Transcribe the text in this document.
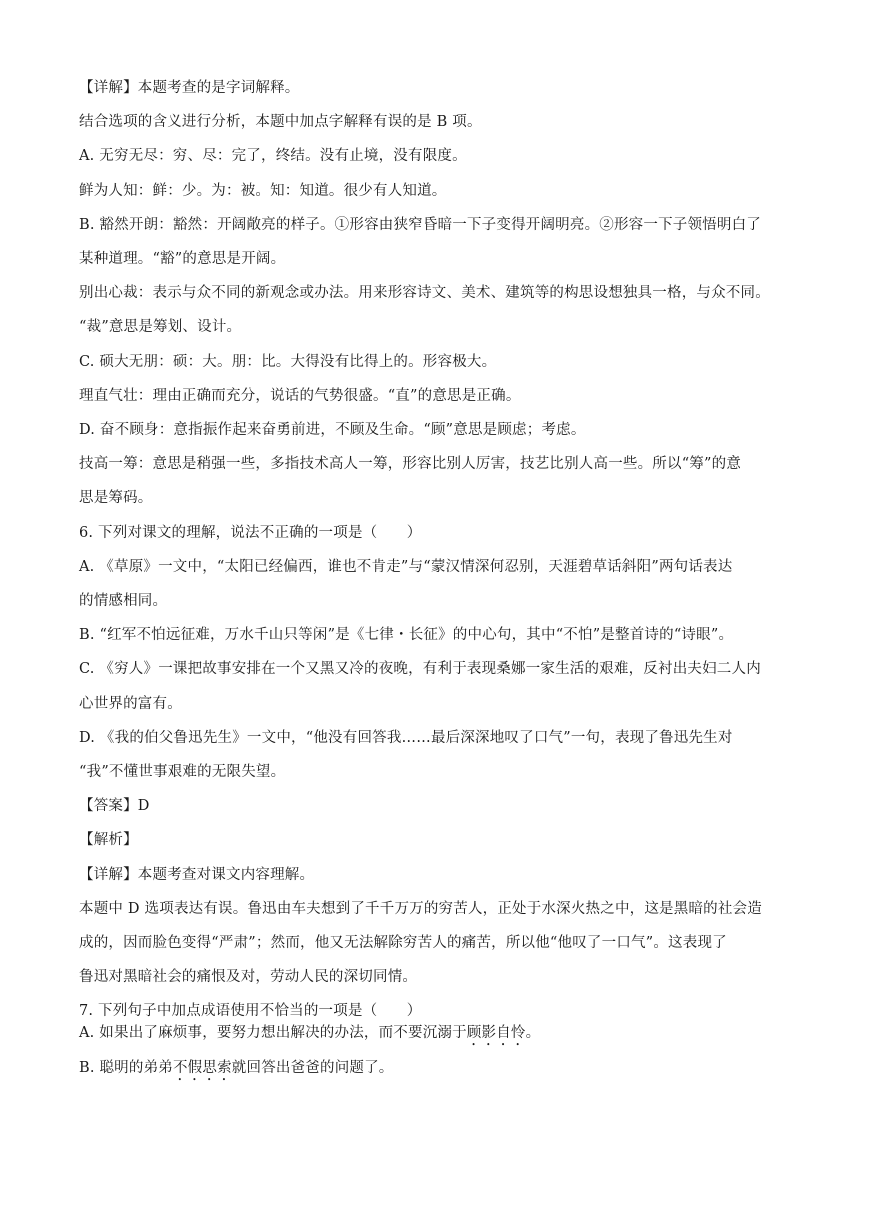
【详解】本题考查的是字词解释。
结合选项的含义进行分析，本题中加点字解释有误的是 B 项。
A. 无穷无尽：穷、尽：完了，终结。没有止境，没有限度。
鲜为人知：鲜：少。为：被。知：知道。很少有人知道。
B. 豁然开朗：豁然：开阔敞亮的样子。①形容由狭窄昏暗一下子变得开阔明亮。②形容一下子领悟明白了
某种道理。“豁”的意思是开阔。
别出心裁：表示与众不同的新观念或办法。用来形容诗文、美术、建筑等的构思设想独具一格，与众不同。
“裁”意思是筹划、设计。
C. 硕大无朋：硕：大。朋：比。大得没有比得上的。形容极大。
理直气壮：理由正确而充分，说话的气势很盛。“直”的意思是正确。
D. 奋不顾身：意指振作起来奋勇前进，不顾及生命。“顾”意思是顾虑；考虑。
技高一筹：意思是稍强一些，多指技术高人一筹，形容比别人厉害，技艺比别人高一些。所以“筹”的意
思是筹码。
6. 下列对课文的理解，说法不正确的一项是（　　）
A. 《草原》一文中，“太阳已经偏西，谁也不肯走”与“蒙汉情深何忍别，天涯碧草话斜阳”两句话表达
的情感相同。
B. “红军不怕远征难，万水千山只等闲”是《七律・长征》的中心句，其中“不怕”是整首诗的“诗眼”。
C. 《穷人》一课把故事安排在一个又黑又冷的夜晚，有利于表现桑娜一家生活的艰难，反衬出夫妇二人内
心世界的富有。
D. 《我的伯父鲁迅先生》一文中，“他没有回答我……最后深深地叹了口气”一句，表现了鲁迅先生对
“我”不懂世事艰难的无限失望。
【答案】D
【解析】
【详解】本题考查对课文内容理解。
本题中 D 选项表达有误。鲁迅由车夫想到了千千万万的穷苦人，正处于水深火热之中，这是黑暗的社会造
成的，因而脸色变得“严肃”；然而，他又无法解除穷苦人的痛苦，所以他“他叹了一口气”。这表现了
鲁迅对黑暗社会的痛恨及对，劳动人民的深切同情。
7. 下列句子中加点成语使用不恰当的一项是（　　）
A. 如果出了麻烦事，要努力想出解决的办法，而不要沉溺于顾影自怜。
B. 聪明的弟弟不假思索就回答出爸爸的问题了。
